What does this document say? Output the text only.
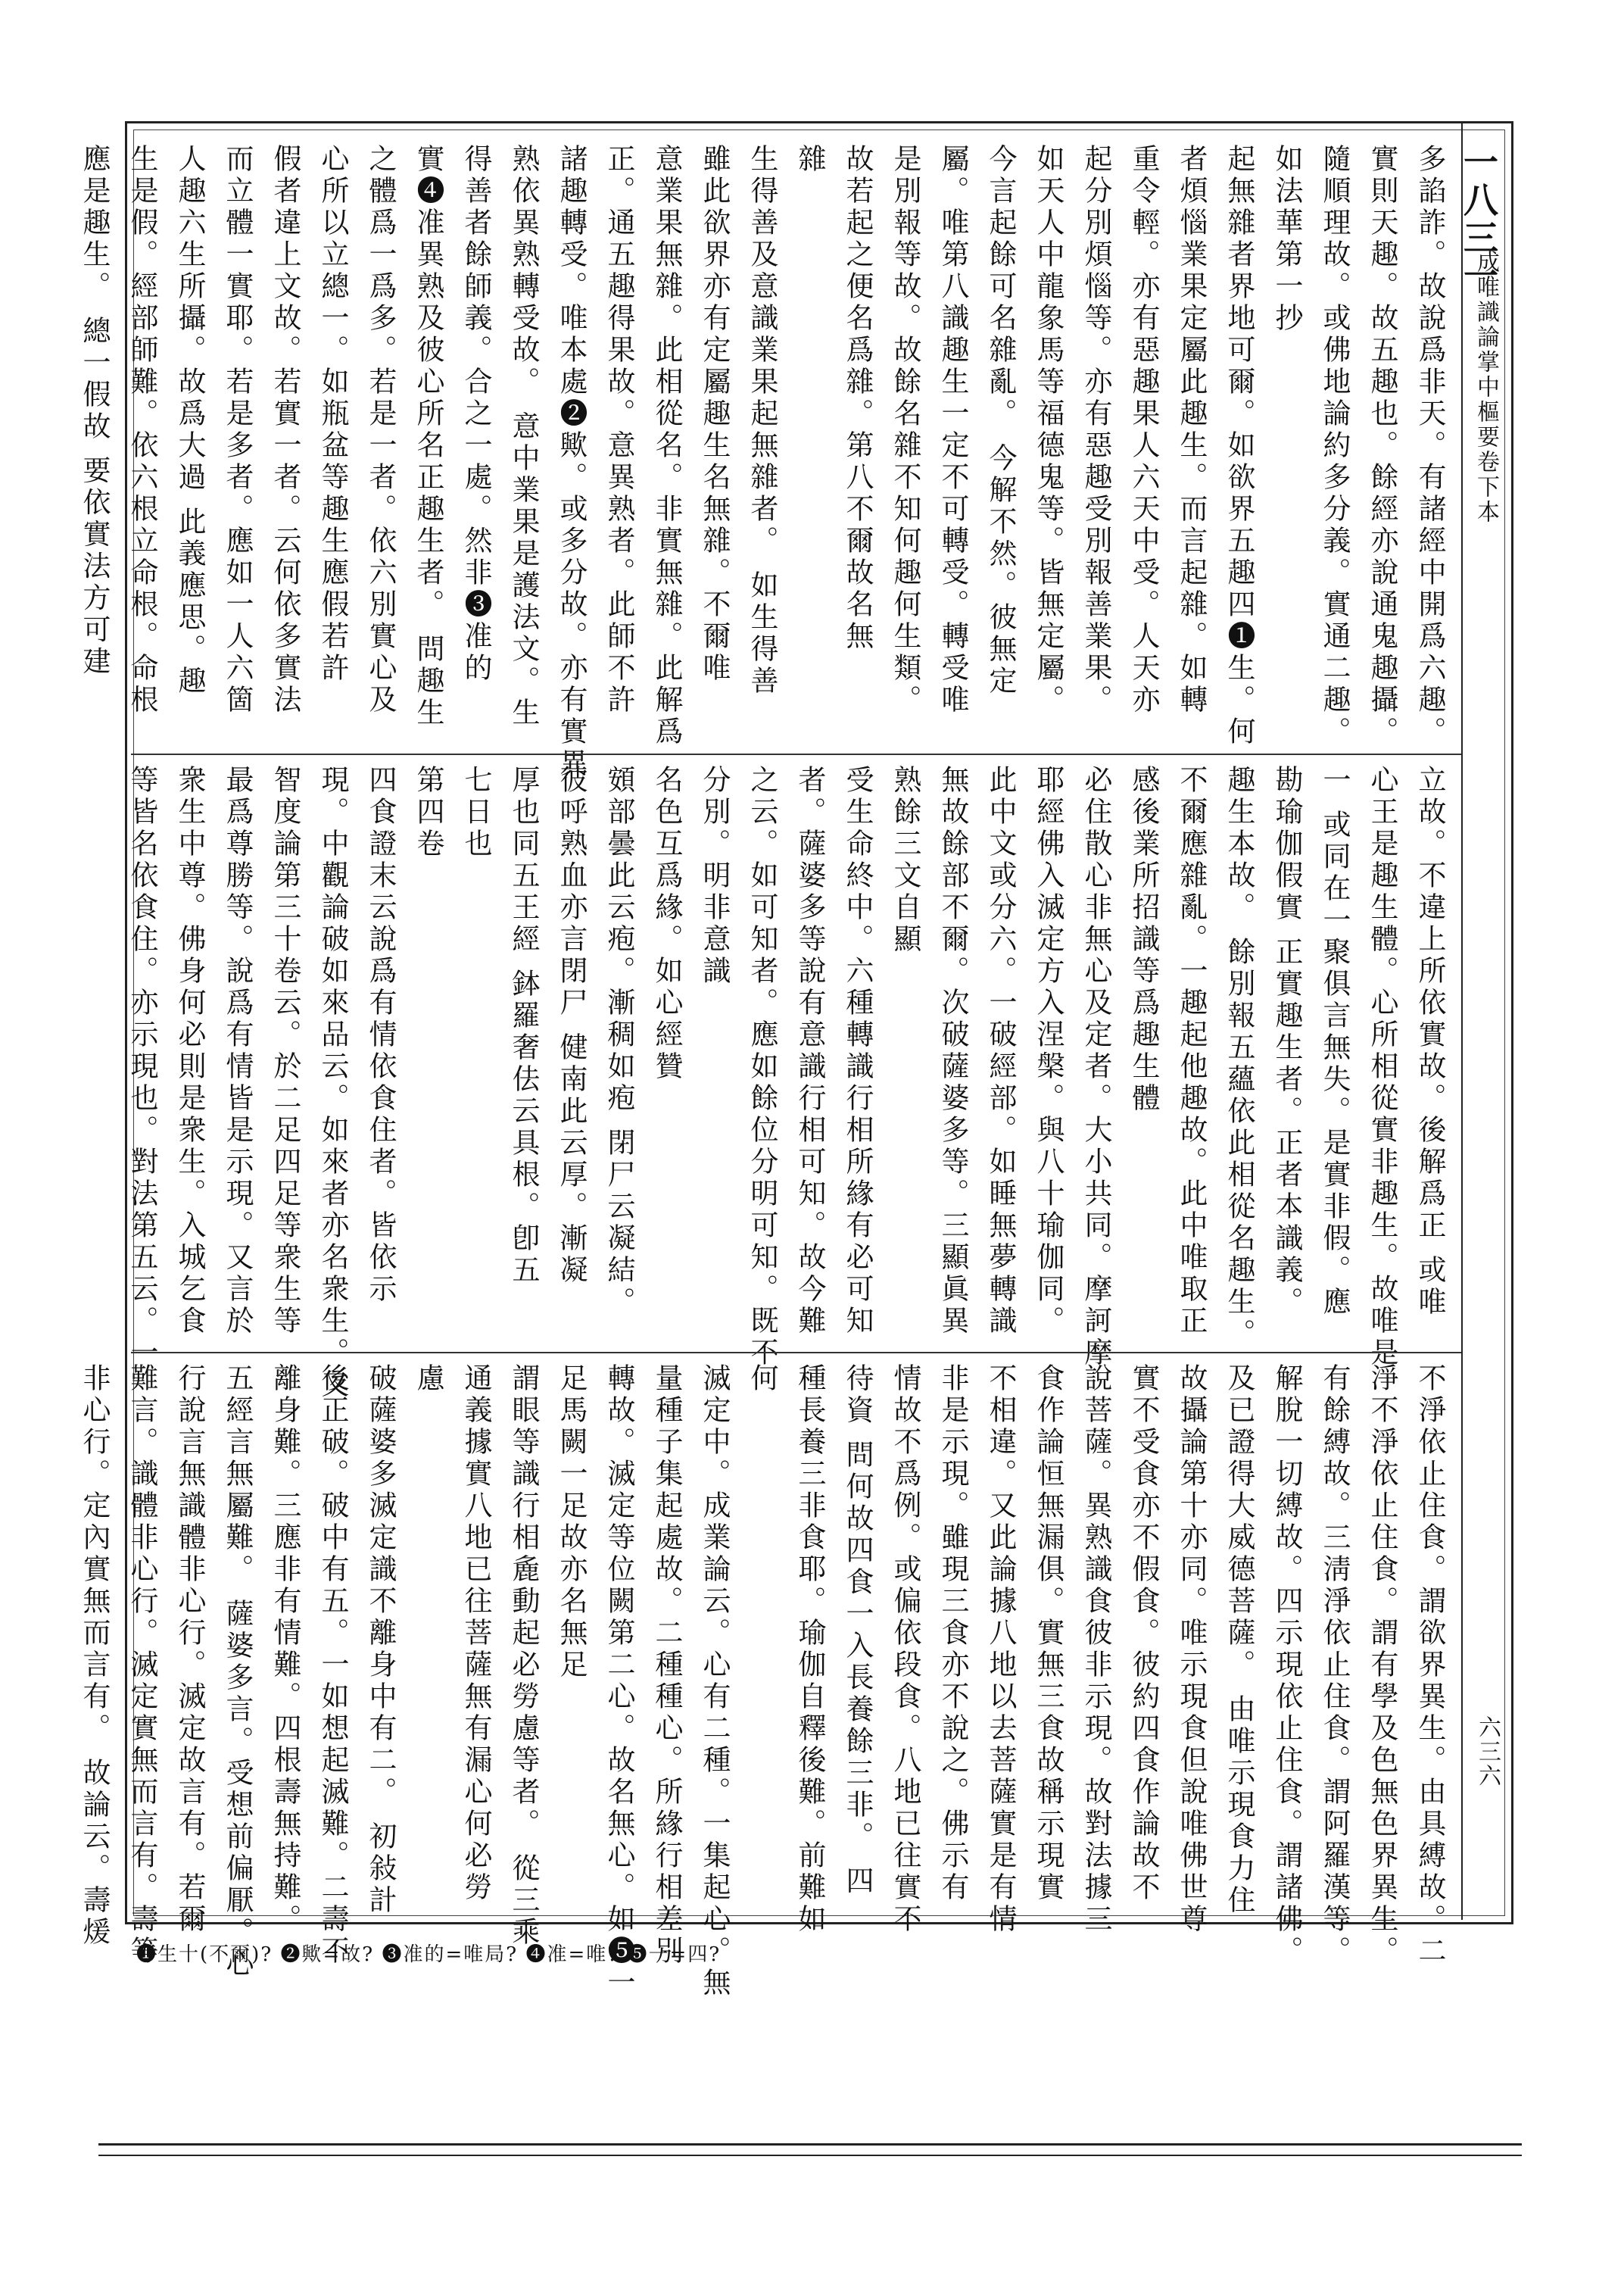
一八三一
成唯識論掌中樞要卷下本
六三六
多諂詐。故說爲非天。有諸經中開爲六趣。
實則天趣。故五趣也。餘經亦說通鬼趣攝。
隨順理故。或佛地論約多分義。實通二趣。
如法華第一抄
起無雜者界地可爾。如欲界五趣四❶生。何
者煩惱業果定屬此趣生。而言起雜。如轉
重令輕。亦有惡趣果人六天中受。人天亦
起分別煩惱等。亦有惡趣受別報善業果。
如天人中龍象馬等福德鬼等。皆無定屬。
今言起餘可名雜亂。 今解不然。彼無定
屬。唯第八識趣生一定不可轉受。轉受唯
是別報等故。故餘名雜不知何趣何生類。
故若起之便名爲雜。第八不爾故名無
雜
生得善及意識業果起無雜者。 如生得善
雖此欲界亦有定屬趣生名無雜。不爾唯
意業果無雜。此相從名。非實無雜。此解爲
正。通五趣得果故。意異熟者。此師不許
諸趣轉受。唯本處❷歟。或多分故。亦有實異
熟依異熟轉受故。 意中業果是護法文。生
得善者餘師義。合之一處。然非❸准的
實❹准異熟及彼心所名正趣生者。 問趣生
之體爲一爲多。若是一者。依六別實心及
心所以立總一。如瓶盆等趣生應假若許
假者違上文故。若實一者。云何依多實法
而立體一實耶。若是多者。應如一人六箇
人趣六生所攝。故爲大過 此義應思。趣
生是假。經部師難。依六根立命根。命根
應是趣生。 總一假故 要依實法方可建
立故。不違上所依實故。後解爲正 或唯
心王是趣生體。心所相從實非趣生。故唯是
一 或同在一聚俱言無失。是實非假。應
勘瑜伽假實 正實趣生者。正者本識義。
趣生本故。 餘別報五蘊依此相從名趣生。
不爾應雜亂。一趣起他趣故。此中唯取正
感後業所招識等爲趣生體
必住散心非無心及定者。大小共同。摩訶摩
耶經佛入滅定方入涅槃。與八十瑜伽同。
此中文或分六。一破經部。如睡無夢轉識
無故餘部不爾。次破薩婆多等。三顯眞異
熟餘三文自顯
受生命終中。六種轉識行相所緣有必可知
者。薩婆多等說有意識行相可知。故今難
之云。如可知者。應如餘位分明可知。既不
分別。明非意識
名色互爲緣。如心經贊
頞部曇此云疱。漸稠如疱 閉尸云凝結。
彼呼熟血亦言閉尸 健南此云厚。漸凝
厚也同五王經 鉢羅奢佉云具根。卽五
七日也
第四卷
四食證末云說爲有情依食住者。皆依示
現。中觀論破如來品云。如來者亦名衆生。又
智度論第三十卷云。於二足四足等衆生等
最爲尊勝等。說爲有情皆是示現。又言於
衆生中尊。佛身何必則是衆生。入城乞食
等皆名依食住。亦示現也。對法第五云。一
不淨依止住食。謂欲界異生。由具縛故。二
淨不淨依止住食。謂有學及色無色界異生。
有餘縛故。三淸淨依止住食。謂阿羅漢等。
解脫一切縛故。四示現依止住食。謂諸佛。
及已證得大威德菩薩。 由唯示現食力住
故攝論第十亦同。唯示現食但說唯佛世尊
實不受食亦不假食。彼約四食作論故不
說菩薩。異熟識食彼非示現。故對法據三
食作論恒無漏俱。實無三食故稱示現實
不相違。又此論據八地以去菩薩實是有情
非是示現。雖現三食亦不說之。佛示有
情故不爲例。或偏依段食。八地已往實不
待資 問何故四食一入長養餘三非。 四
種長養三非食耶。瑜伽自釋後難。前難如
何
滅定中。成業論云。心有二種。一集起心。無
量種子集起處故。二種種心。所緣行相差別
轉故。滅定等位闕第二心。故名無心。如❺一
足馬闕一足故亦名無足
謂眼等識行相麁動起必勞慮等者。 從三乘
通義據實八地已往菩薩無有漏心何必勞
慮
破薩婆多滅定識不離身中有二。 初敍計
後正破。破中有五。一如想起滅難。二壽不
離身難。三應非有情難。四根壽無持難。
五經言無屬難。 薩婆多言。受想前偏厭。心
行說言無識體非心行。滅定故言有。若爾
難言。識體非心行。滅定實無而言有。壽等
非心行。定內實無而言有。 故論云。壽煖
❶生十(不爾)? ❷歟=故? ❸准的=唯局? ❹准=唯? ❺一=四?
